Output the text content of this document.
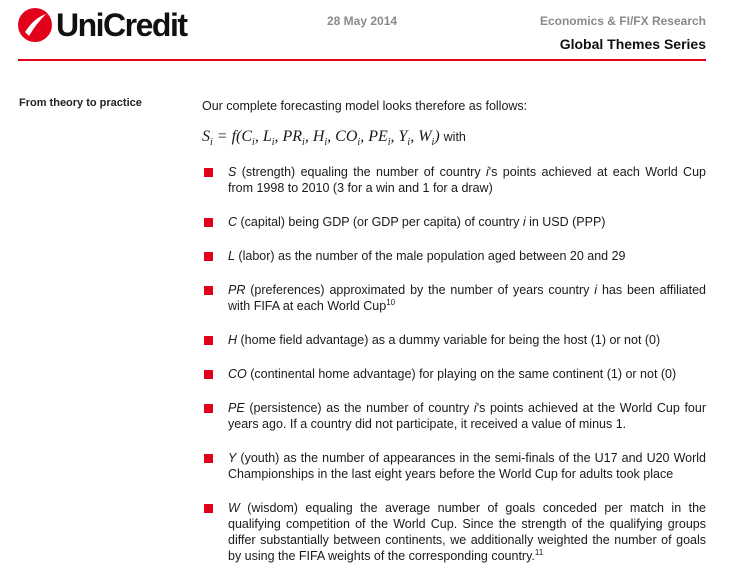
UniCredit	28 May 2014	Economics & FI/FX Research
Global Themes Series
From theory to practice	Our complete forecasting model looks therefore as follows:
$S_i = f(C_i$, $L_i$, $PR_i$, $H_i$, $CO_i$, $PE_i$, $Y_i$, $W_i$) with
S (strength) equaling the number of country i's points achieved at each World Cup from 1998 to 2010 (3 for a win and 1 for a draw)
C (capital) being GDP (or GDP per capita) of country i in USD (PPP)
L (labor) as the number of the male population aged between 20 and 29
PR (preferences) approximated by the number of years country i has been affiliated with FIFA at each World Cup$^{10}$
H (home field advantage) as a dummy variable for being the host (1) or not (0)
CO (continental home advantage) for playing on the same continent (1) or not (0)
PE (persistence) as the number of country i's points achieved at the World Cup four years ago. If a country did not participate, it received a value of minus 1.
Y (youth) as the number of appearances in the semi-finals of the U17 and U20 World Championships in the last eight years before the World Cup for adults took place
W (wisdom) equaling the average number of goals conceded per match in the qualifying competition of the World Cup. Since the strength of the qualifying groups differ substantially between continents, we additionally weighted the number of goals by using the FIFA weights of the corresponding country.$^{11}$
